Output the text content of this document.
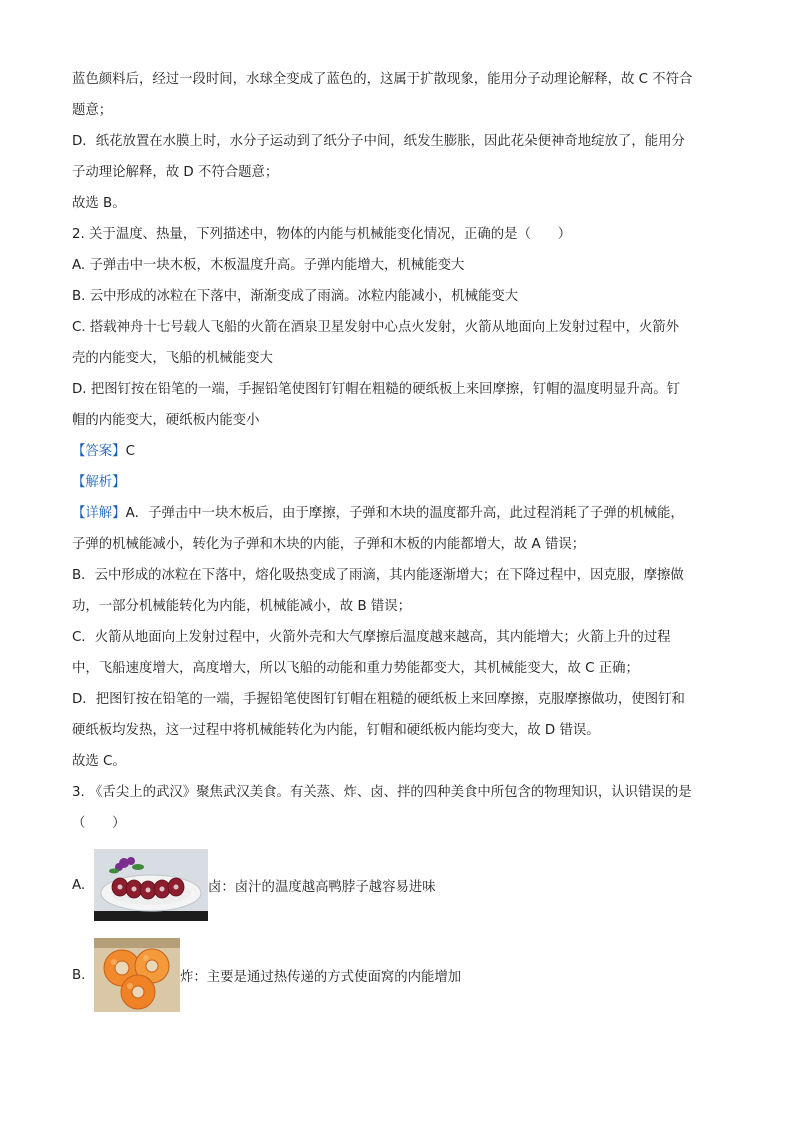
蓝色颜料后，经过一段时间，水球全变成了蓝色的，这属于扩散现象，能用分子动理论解释，故 C 不符合

题意；

D．纸花放置在水膜上时，水分子运动到了纸分子中间，纸发生膨胀，因此花朵便神奇地绽放了，能用分

子动理论解释，故 D 不符合题意；

故选 B。

2. 关于温度、热量，下列描述中，物体的内能与机械能变化情况，正确的是（　　）

A. 子弹击中一块木板，木板温度升高。子弹内能增大，机械能变大

B. 云中形成的冰粒在下落中，渐渐变成了雨滴。冰粒内能减小，机械能变大

C. 搭载神舟十七号载人飞船的火箭在酒泉卫星发射中心点火发射，火箭从地面向上发射过程中，火箭外

壳的内能变大，飞船的机械能变大

D. 把图钉按在铅笔的一端，手握铅笔使图钉钉帽在粗糙的硬纸板上来回摩擦，钉帽的温度明显升高。钉

帽的内能变大，硬纸板内能变小

【答案】C

【解析】

【详解】A．子弹击中一块木板后，由于摩擦，子弹和木块的温度都升高，此过程消耗了子弹的机械能，

子弹的机械能减小，转化为子弹和木块的内能，子弹和木板的内能都增大，故 A 错误；

B．云中形成的冰粒在下落中，熔化吸热变成了雨滴，其内能逐渐增大；在下降过程中，因克服，摩擦做

功，一部分机械能转化为内能，机械能减小，故 B 错误；

C．火箭从地面向上发射过程中，火箭外壳和大气摩擦后温度越来越高，其内能增大；火箭上升的过程

中，飞船速度增大，高度增大，所以飞船的动能和重力势能都变大，其机械能变大，故 C 正确；

D．把图钉按在铅笔的一端，手握铅笔使图钉钉帽在粗糙的硬纸板上来回摩擦，克服摩擦做功，使图钉和

硬纸板均发热，这一过程中将机械能转化为内能，钉帽和硬纸板内能均变大，故 D 错误。

故选 C。

3. 《舌尖上的武汉》聚焦武汉美食。有关蒸、炸、卤、拌的四种美食中所包含的物理知识，认识错误的是

（　　）

A.	卤：卤汁的温度越高鸭脖子越容易进味
B.	炸：主要是通过热传递的方式使面窝的内能增加
